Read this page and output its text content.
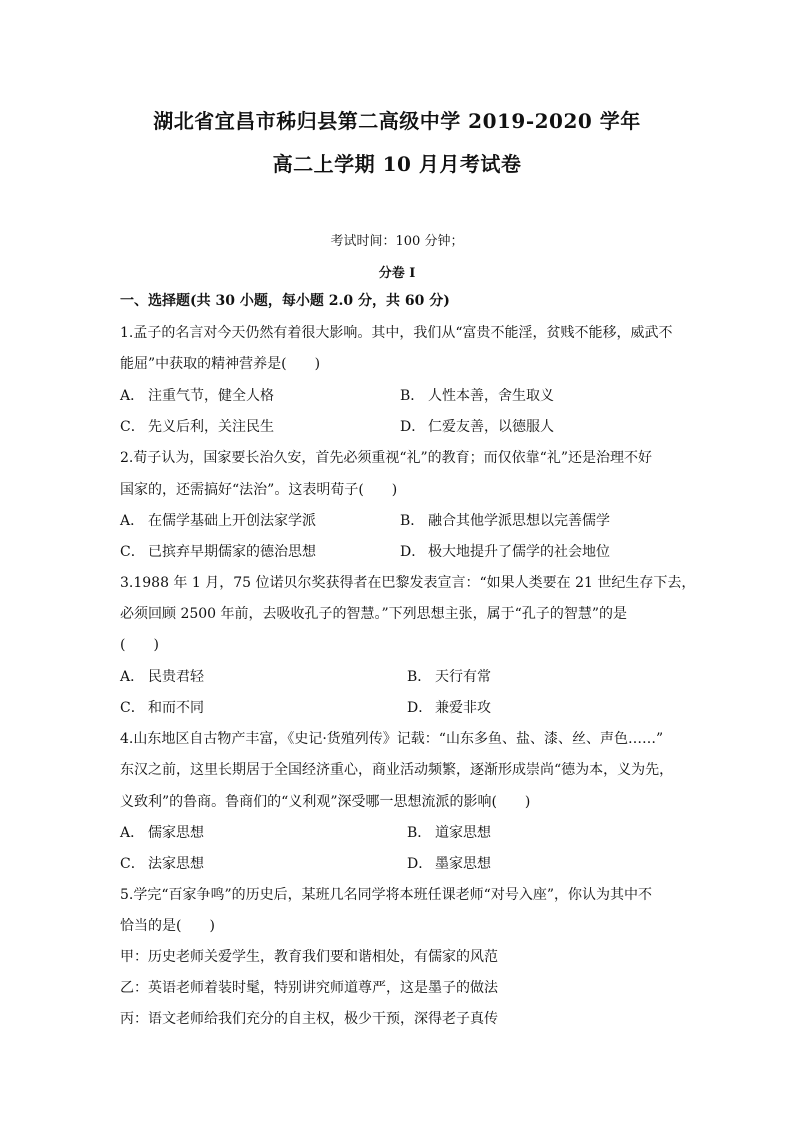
湖北省宜昌市秭归县第二高级中学 2019-2020 学年
高二上学期 10 月月考试卷
考试时间：100 分钟；
分卷 I
一、选择题(共 30 小题，每小题 2.0 分，共 60 分)
1.孟子的名言对今天仍然有着很大影响。其中，我们从“富贵不能淫，贫贱不能移，威武不
能屈”中获取的精神营养是(　　)
A． 注重气节，健全人格	B． 人性本善，舍生取义
C． 先义后利，关注民生	D． 仁爱友善，以德服人
2.荀子认为，国家要长治久安，首先必须重视“礼”的教育；而仅依靠“礼”还是治理不好
国家的，还需搞好“法治”。这表明荀子(　　)
A． 在儒学基础上开创法家学派	B． 融合其他学派思想以完善儒学
C． 已摈弃早期儒家的德治思想	D． 极大地提升了儒学的社会地位
3.1988 年 1 月，75 位诺贝尔奖获得者在巴黎发表宣言：“如果人类要在 21 世纪生存下去，
必须回顾 2500 年前，去吸收孔子的智慧。”下列思想主张，属于“孔子的智慧”的是
(　　)
A． 民贵君轻	B． 天行有常
C． 和而不同	D． 兼爱非攻
4.山东地区自古物产丰富，《史记·货殖列传》记载：“山东多鱼、盐、漆、丝、声色……”
东汉之前，这里长期居于全国经济重心，商业活动频繁，逐渐形成崇尚“德为本，义为先，
义致利”的鲁商。鲁商们的“义利观”深受哪一思想流派的影响(　　)
A． 儒家思想	B． 道家思想
C． 法家思想	D． 墨家思想
5.学完“百家争鸣”的历史后，某班几名同学将本班任课老师“对号入座”，你认为其中不
恰当的是(　　)
甲：历史老师关爱学生，教育我们要和谐相处，有儒家的风范
乙：英语老师着装时髦，特别讲究师道尊严，这是墨子的做法
丙：语文老师给我们充分的自主权，极少干预，深得老子真传
